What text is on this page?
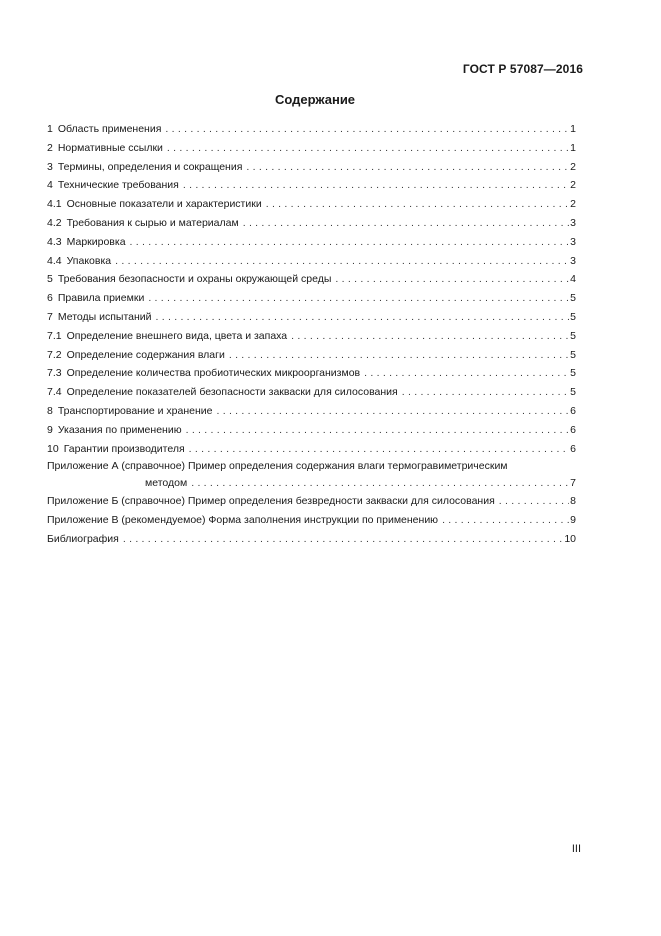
ГОСТ Р 57087—2016
Содержание
1 Область применения . . .	1
2 Нормативные ссылки . . .	1
3 Термины, определения и сокращения . . .	2
4 Технические требования . . .	2
4.1 Основные показатели и характеристики . . .	2
4.2 Требования к сырью и материалам . . .	3
4.3 Маркировка . . .	3
4.4 Упаковка . . .	3
5 Требования безопасности и охраны окружающей среды . . .	4
6 Правила приемки . . .	5
7 Методы испытаний . . .	5
7.1 Определение внешнего вида, цвета и запаха . . .	5
7.2 Определение содержания влаги . . .	5
7.3 Определение количества пробиотических микроорганизмов . . .	5
7.4 Определение показателей безопасности закваски для силосования . . .	5
8 Транспортирование и хранение . . .	6
9 Указания по применению . . .	6
10 Гарантии производителя . . .	6
Приложение А (справочное) Пример определения содержания влаги термогравиметрическим
методом . . .	7
Приложение Б (справочное) Пример определения безвредности закваски для силосования . . .	8
Приложение В (рекомендуемое) Форма заполнения инструкции по применению . . .	9
Библиография . . .	10
III
